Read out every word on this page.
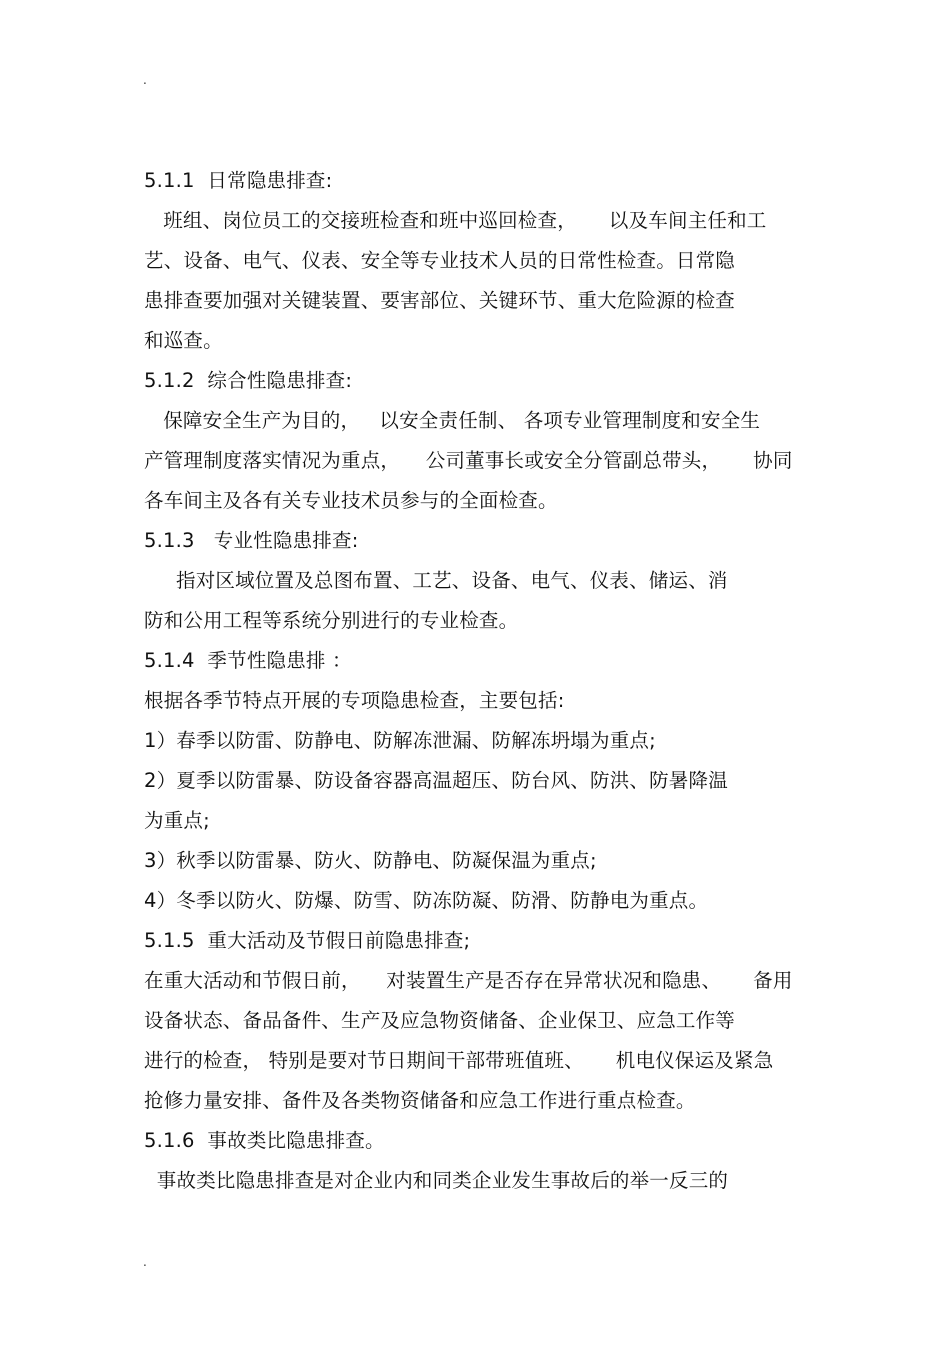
.
5.1.1  日常隐患排查:
班组、岗位员工的交接班检查和班中巡回检查，     以及车间主任和工
艺、设备、电气、仪表、安全等专业技术人员的日常性检查。日常隐
患排查要加强对关键装置、要害部位、关键环节、重大危险源的检查
和巡查。
5.1.2  综合性隐患排查:
保障安全生产为目的，   以安全责任制、 各项专业管理制度和安全生
产管理制度落实情况为重点，    公司董事长或安全分管副总带头，     协同
各车间主及各有关专业技术员参与的全面检查。
5.1.3   专业性隐患排查:
指对区域位置及总图布置、工艺、设备、电气、仪表、储运、消
防和公用工程等系统分别进行的专业检查。
5.1.4  季节性隐患排 ：
根据各季节特点开展的专项隐患检查，主要包括:
1）春季以防雷、防静电、防解冻泄漏、防解冻坍塌为重点;
2）夏季以防雷暴、防设备容器高温超压、防台风、防洪、防暑降温
为重点;
3）秋季以防雷暴、防火、防静电、防凝保温为重点;
4）冬季以防火、防爆、防雪、防冻防凝、防滑、防静电为重点。
5.1.5  重大活动及节假日前隐患排查;
在重大活动和节假日前，    对装置生产是否存在异常状况和隐患、     备用
设备状态、备品备件、生产及应急物资储备、企业保卫、应急工作等
进行的检查， 特别是要对节日期间干部带班值班、     机电仪保运及紧急
抢修力量安排、备件及各类物资储备和应急工作进行重点检查。
5.1.6  事故类比隐患排查。
事故类比隐患排查是对企业内和同类企业发生事故后的举一反三的
.
